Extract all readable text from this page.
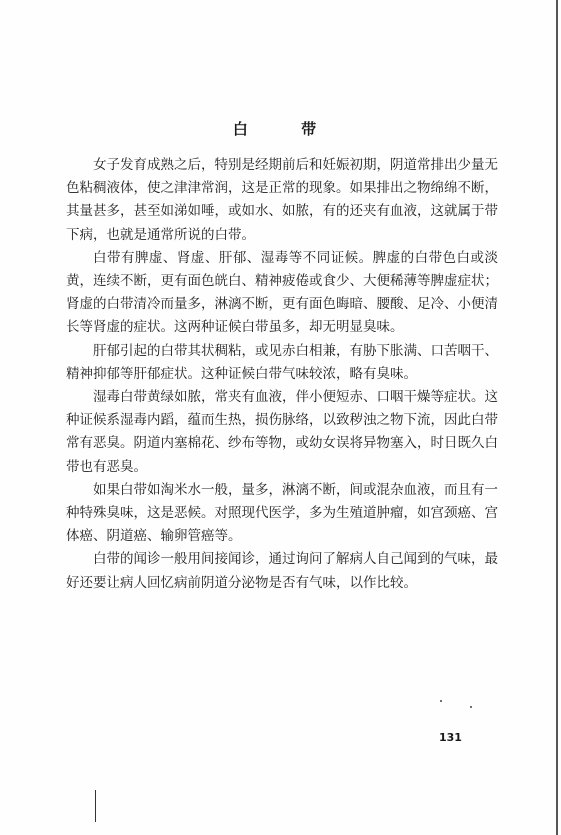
白 带

女子发育成熟之后，特别是经期前后和妊娠初期，阴道常排出少量无色粘稠液体，使之津津常润，这是正常的现象。如果排出之物绵绵不断，其量甚多，甚至如涕如唾，或如水、如脓，有的还夹有血液，这就属于带下病，也就是通常所说的白带。

白带有脾虚、肾虚、肝郁、湿毒等不同证候。脾虚的白带色白或淡黄，连续不断，更有面色㿠白、精神疲倦或食少、大便稀薄等脾虚症状；肾虚的白带清冷而量多，淋漓不断，更有面色晦暗、腰酸、足冷、小便清长等肾虚的症状。这两种证候白带虽多，却无明显臭味。

肝郁引起的白带其状稠粘，或见赤白相兼，有胁下胀满、口苦咽干、精神抑郁等肝郁症状。这种证候白带气味较浓，略有臭味。

湿毒白带黄绿如脓，常夹有血液，伴小便短赤、口咽干燥等症状。这种证候系湿毒内蹈，蕴而生热，损伤脉络，以致秽浊之物下流，因此白带常有恶臭。阴道内塞棉花、纱布等物，或幼女误将异物塞入，时日既久白带也有恶臭。

如果白带如淘米水一般，量多，淋漓不断，间或混杂血液，而且有一种特殊臭味，这是恶候。对照现代医学，多为生殖道肿瘤，如宫颈癌、宫体癌、阴道癌、输卵管癌等。

白带的闻诊一般用间接闻诊，通过询问了解病人自己闻到的气味，最好还要让病人回忆病前阴道分泌物是否有气味，以作比较。

131
